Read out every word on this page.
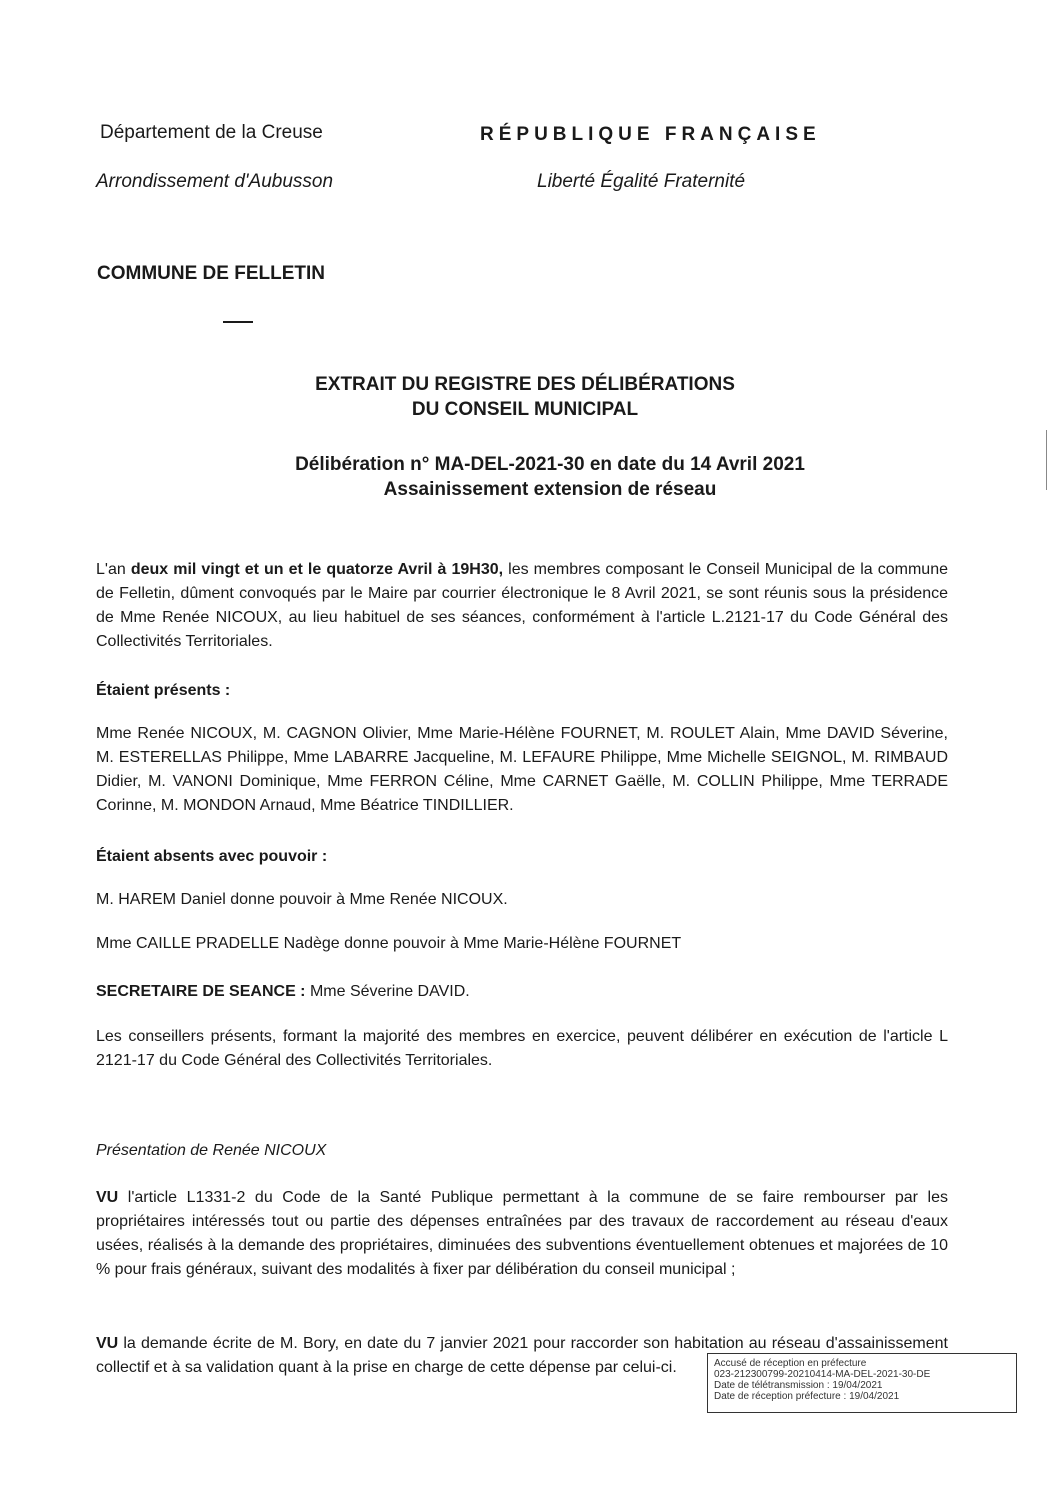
Département de la Creuse	RÉPUBLIQUE FRANÇAISE
Arrondissement d'Aubusson	Liberté Égalité Fraternité
COMMUNE DE FELLETIN
EXTRAIT DU REGISTRE DES DÉLIBÉRATIONS
DU CONSEIL MUNICIPAL
Délibération n° MA-DEL-2021-30 en date du 14 Avril 2021
Assainissement extension de réseau
L'an deux mil vingt et un et le quatorze Avril à 19H30, les membres composant le Conseil Municipal de la commune de Felletin, dûment convoqués par le Maire par courrier électronique le 8 Avril 2021, se sont réunis sous la présidence de Mme Renée NICOUX, au lieu habituel de ses séances, conformément à l'article L.2121-17 du Code Général des Collectivités Territoriales.
Étaient présents :
Mme Renée NICOUX, M. CAGNON Olivier, Mme Marie-Hélène FOURNET, M. ROULET Alain, Mme DAVID Séverine, M. ESTERELLAS Philippe, Mme LABARRE Jacqueline, M. LEFAURE Philippe, Mme Michelle SEIGNOL, M. RIMBAUD Didier, M. VANONI Dominique, Mme FERRON Céline, Mme CARNET Gaëlle, M. COLLIN Philippe, Mme TERRADE Corinne, M. MONDON Arnaud, Mme Béatrice TINDILLIER.
Étaient absents avec pouvoir :
M. HAREM Daniel donne pouvoir à Mme Renée NICOUX.
Mme CAILLE PRADELLE Nadège donne pouvoir à Mme Marie-Hélène FOURNET
SECRETAIRE DE SEANCE : Mme Séverine DAVID.
Les conseillers présents, formant la majorité des membres en exercice, peuvent délibérer en exécution de l'article L 2121-17 du Code Général des Collectivités Territoriales.
Présentation de Renée NICOUX
VU l'article L1331-2 du Code de la Santé Publique permettant à la commune de se faire rembourser par les propriétaires intéressés tout ou partie des dépenses entraînées par des travaux de raccordement au réseau d'eaux usées, réalisés à la demande des propriétaires, diminuées des subventions éventuellement obtenues et majorées de 10 % pour frais généraux, suivant des modalités à fixer par délibération du conseil municipal ;
VU la demande écrite de M. Bory, en date du 7 janvier 2021 pour raccorder son habitation au réseau d'assainissement collectif et à sa validation quant à la prise en charge de cette dépense par celui-ci.	Accusé de réception en préfecture
023-212300799-20210414-MA-DEL-2021-30-DE
Date de télétransmission : 19/04/2021
Date de réception préfecture : 19/04/2021
